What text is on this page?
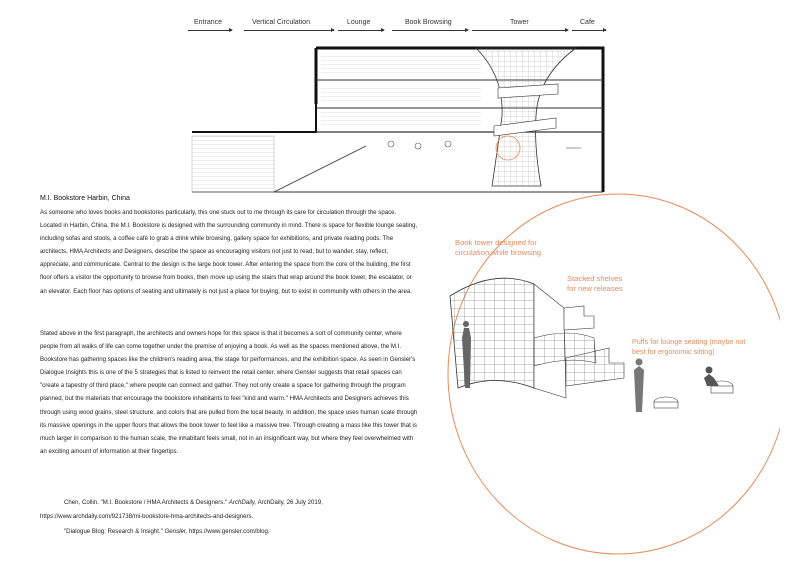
Entrance	Vertical Circulation	Lounge	Book Browsing	Tower	Cafe
Book tower designed for
circulation while browsing
Stacked shelves
for new releases
Puffs for lounge seating (maybe not
best for ergonomic sitting)
M.I. Bookstore Harbin, China
As someone who loves books and bookstores particularly, this one stuck out to me through its care for circulation through the space. Located in Harbin, China, the M.I. Bookstore is designed with the surrounding community in mind. There is space for flexible lounge seating, including sofas and stools, a coffee café to grab a drink while browsing, gallery space for exhibitions, and private reading pods. The architects, HMA Architects and Designers, describe the space as encouraging visitors not just to read, but to wander, stay, reflect, appreciate, and communicate. Central to the design is the large book tower. After entering the space from the core of the building, the first floor offers a visitor the opportunity to browse from books, then move up using the stairs that wrap around the book tower, the escalator, or an elevator. Each floor has options of seating and ultimately is not just a place for buying, but to exist in community with others in the area.
Stated above in the first paragraph, the architects and owners hope for this space is that it becomes a sort of community center, where people from all walks of life can come together under the premise of enjoying a book. As well as the spaces mentioned above, the M.I. Bookstore has gathering spaces like the children's reading area, the stage for performances, and the exhibition space. As seen in Gensler's Dialogue Insights this is one of the 5 strategies that is listed to reinvent the retail center, where Gensler suggests that retail spaces can "create a tapestry of third place," where people can connect and gather. They not only create a space for gathering through the program planned, but the materials that encourage the bookstore inhabitants to feel "kind and warm." HMA Architects and Designers achieves this through using wood grains, steel structure, and colors that are pulled from the local beauty. In addition, the space uses human scale through its massive openings in the upper floors that allows the book tower to feel like a massive tree. Through creating a mass like this tower that is much larger in comparison to the human scale, the inhabitant feels small, not in an insignificant way, but where they feel overwhelmed with an exciting amount of information at their fingertips.
Chen, Collin. "M.I. Bookstore / HMA Architects & Designers." ArchDaily, ArchDaily, 26 July 2019,
https://www.archdaily.com/921738/mi-bookstore-hma-architects-and-designers.
"Dialogue Blog: Research & Insight." Gensler, https://www.gensler.com/blog.
